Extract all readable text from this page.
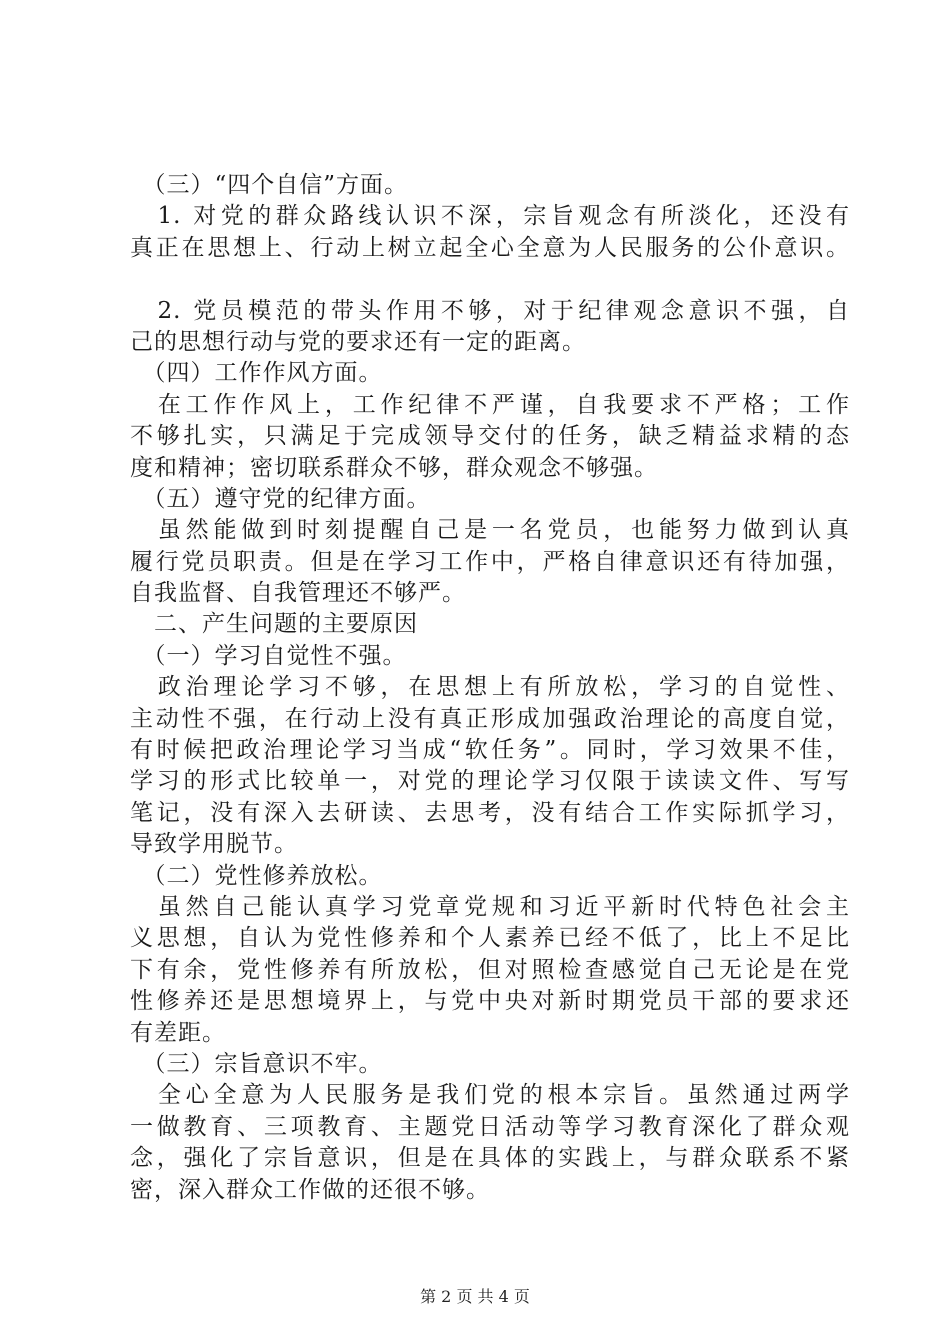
　（三）“四个自信”方面。
　1. 对党的群众路线认识不深，宗旨观念有所淡化，还没有
真正在思想上、行动上树立起全心全意为人民服务的公仆意识。
　2. 党员模范的带头作用不够，对于纪律观念意识不强，自
己的思想行动与党的要求还有一定的距离。
　（四）工作作风方面。
　在工作作风上，工作纪律不严谨，自我要求不严格；工作
不够扎实，只满足于完成领导交付的任务，缺乏精益求精的态
度和精神；密切联系群众不够，群众观念不够强。
　（五）遵守党的纪律方面。
　虽然能做到时刻提醒自己是一名党员，也能努力做到认真
履行党员职责。但是在学习工作中，严格自律意识还有待加强，
自我监督、自我管理还不够严。
　二、产生问题的主要原因
　（一）学习自觉性不强。
　政治理论学习不够，在思想上有所放松，学习的自觉性、
主动性不强，在行动上没有真正形成加强政治理论的高度自觉，
有时候把政治理论学习当成“软任务”。同时，学习效果不佳，
学习的形式比较单一，对党的理论学习仅限于读读文件、写写
笔记，没有深入去研读、去思考，没有结合工作实际抓学习，
导致学用脱节。
　（二）党性修养放松。
　虽然自己能认真学习党章党规和习近平新时代特色社会主
义思想，自认为党性修养和个人素养已经不低了，比上不足比
下有余，党性修养有所放松，但对照检查感觉自己无论是在党
性修养还是思想境界上，与党中央对新时期党员干部的要求还
有差距。
　（三）宗旨意识不牢。
　全心全意为人民服务是我们党的根本宗旨。虽然通过两学
一做教育、三项教育、主题党日活动等学习教育深化了群众观
念，强化了宗旨意识，但是在具体的实践上，与群众联系不紧
密，深入群众工作做的还很不够。
第 2 页 共 4 页
